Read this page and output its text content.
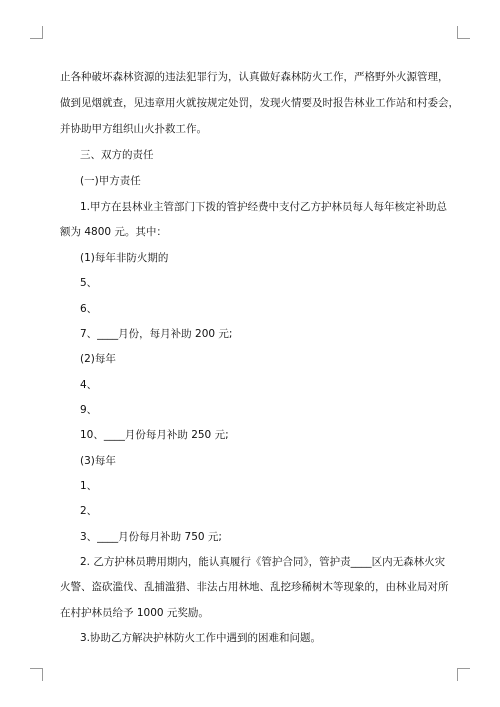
止各种破坏森林资源的违法犯罪行为，认真做好森林防火工作，严格野外火源管理，
做到见烟就查，见违章用火就按规定处罚，发现火情要及时报告林业工作站和村委会，
并协助甲方组织山火扑救工作。
三、双方的责任
(一)甲方责任
1.甲方在县林业主管部门下拨的管护经费中支付乙方护林员每人每年核定补助总
额为 4800 元。其中：
(1)每年非防火期的
5、
6、
7、____月份，每月补助 200 元;
(2)每年
4、
9、
10、____月份每月补助 250 元;
(3)每年
1、
2、
3、____月份每月补助 750 元;
2. 乙方护林员聘用期内，能认真履行《管护合同》，管护责____区内无森林火灾
火警、盗砍滥伐、乱捕滥猎、非法占用林地、乱挖珍稀树木等现象的，由林业局对所
在村护林员给予 1000 元奖励。
3.协助乙方解决护林防火工作中遇到的困难和问题。
